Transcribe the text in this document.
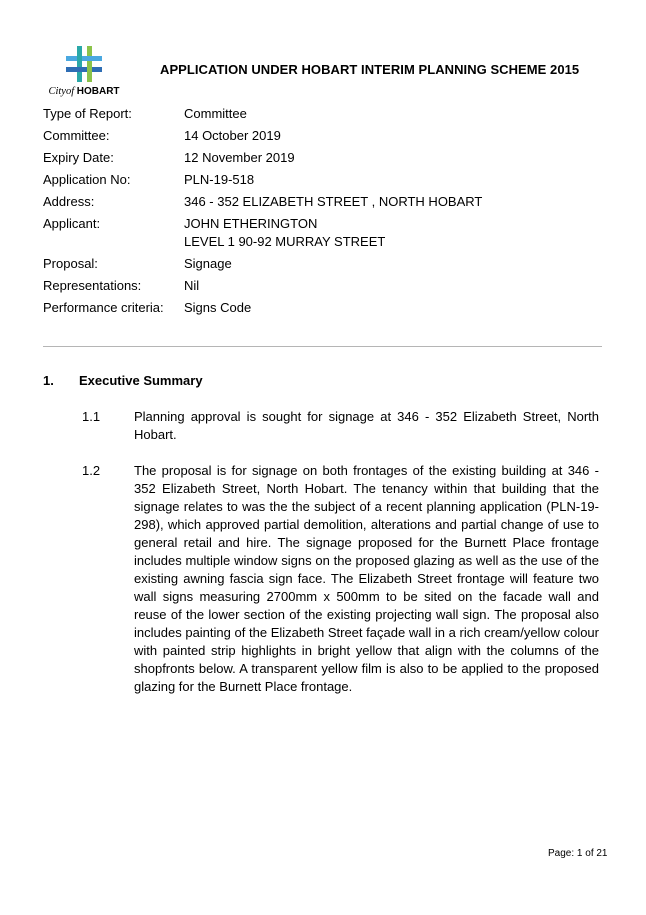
Cityof HOBART
APPLICATION UNDER HOBART INTERIM PLANNING SCHEME 2015
Type of Report:	Committee
Committee:	14 October 2019
Expiry Date:	12 November 2019
Application No:	PLN-19-518
Address:	346 - 352 ELIZABETH STREET , NORTH HOBART
Applicant:	JOHN ETHERINGTON
LEVEL 1 90-92 MURRAY STREET
Proposal:	Signage
Representations:	Nil
Performance criteria: Signs Code
1. Executive Summary
1.1	Planning approval is sought for signage at 346 - 352 Elizabeth Street, North Hobart.
1.2	The proposal is for signage on both frontages of the existing building at 346 - 352 Elizabeth Street, North Hobart. The tenancy within that building that the signage relates to was the the subject of a recent planning application (PLN-19-298), which approved partial demolition, alterations and partial change of use to general retail and hire. The signage proposed for the Burnett Place frontage includes multiple window signs on the proposed glazing as well as the use of the existing awning fascia sign face. The Elizabeth Street frontage will feature two wall signs measuring 2700mm x 500mm to be sited on the facade wall and reuse of the lower section of the existing projecting wall sign. The proposal also includes painting of the Elizabeth Street façade wall in a rich cream/yellow colour with painted strip highlights in bright yellow that align with the columns of the shopfronts below. A transparent yellow film is also to be applied to the proposed glazing for the Burnett Place frontage.
Page: 1 of 21
